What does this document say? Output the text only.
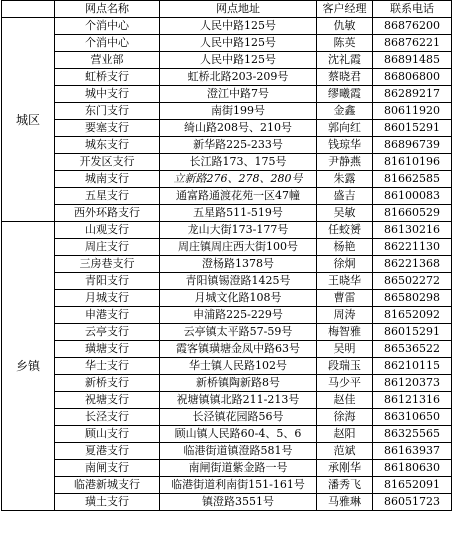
	网点名称	网点地址	客户经理	联系电话
城区	个消中心	人民中路125号	仇敏	86876200
	个消中心	人民中路125号	陈英	86876221
	营业部	人民中路125号	沈礼霞	86891485
	虹桥支行	虹桥北路203-209号	蔡晓君	86806800
	城中支行	澄江中路7号	缪曦霞	86289217
	东门支行	南街199号	金鑫	80611920
	要塞支行	绮山路208号、210号	郭向红	86015291
	城东支行	新华路225-233号	钱琼华	86896739
	开发区支行	长江路173、175号	尹静燕	81610196
	城南支行	立新路276、278、280号	朱露	81662585
	五星支行	通富路通渡花苑一区47幢	盛吉	86100083
	西外环路支行	五星路511-519号	吴敏	81660529
乡镇	山观支行	龙山大街173-177号	任蛟赟	86130216
	周庄支行	周庄镇周庄西大街100号	杨艳	86221130
	三房巷支行	澄杨路1378号	徐炯	86221368
	青阳支行	青阳镇锡澄路1425号	王晓华	86502272
	月城支行	月城文化路108号	曹雷	86580298
	申港支行	申浦路225-229号	周涛	81652092
	云亭支行	云亭镇太平路57-59号	梅智雅	86015291
	璜塘支行	霞客镇璜塘金凤中路63号	吴明	86536522
	华士支行	华士镇人民路102号	段瑞玉	86210115
	新桥支行	新桥镇陶新路8号	马少平	86120373
	祝塘支行	祝塘镇镇北路211-213号	赵佳	86121316
	长泾支行	长泾镇花园路56号	徐海	86310650
	顾山支行	顾山镇人民路60-4、5、6	赵阳	86325565
	夏港支行	临港街道镇澄路581号	范斌	86163937
	南闸支行	南闸街道紫金路一号	承刚华	86180630
	临港新城支行	临港街道利南街151-161号	潘秀飞	81652091
	璜土支行	镇澄路3551号	马雅琳	86051723
